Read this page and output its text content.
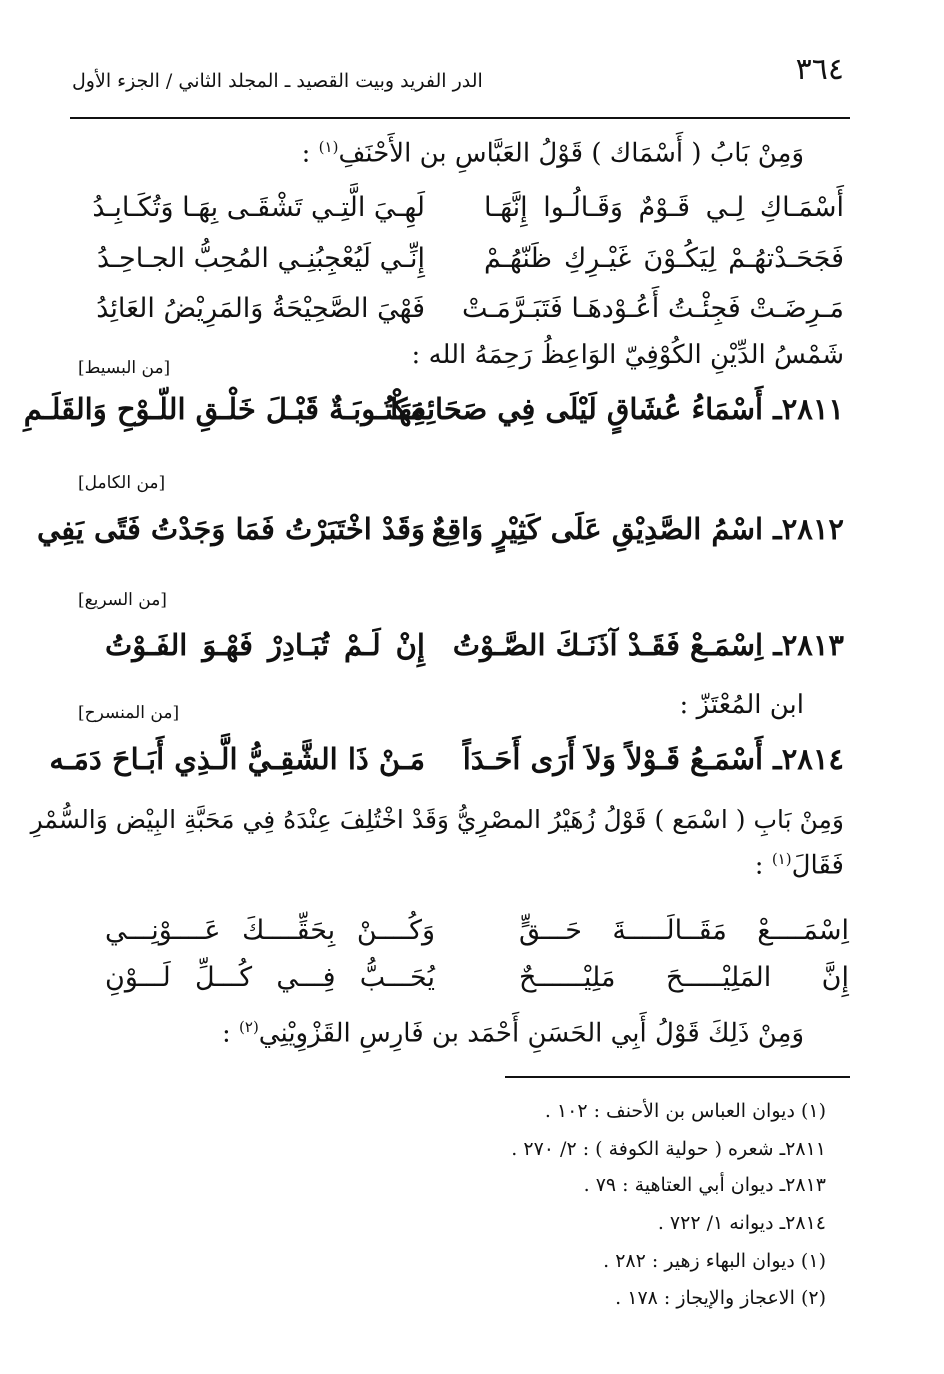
٣٦٤
الدر الفريد وبيت القصيد ـ المجلد الثاني / الجزء الأول
وَمِنْ بَابُ ( أَسْمَاك ) قَوْلُ العَبَّاسِ بن الأَحْنَفِ$^{(١)}$ :
أَسْمَـاكِ لِـي قَـوْمٌ وَقَـالُـوا إِنَّهَـا
لَهِـيَ الَّتِـي تَشْقَـى بِهَـا وَتُكَـابِـدُ
فَجَحَـدْتهُـمْ لِيَكُـوْنَ غَيْـرِكِ ظَنّهُـمْ
إِنِّـي لَيُعْجِبُنِـي المُحِبُّ الجـاحِـدُ
مَـرِضَـتْ فَجِئْـتُ أَعُـوْدهَـا فَتَبَـرَّمَـتْ
فَهْيَ الصَّحِيْحَةُ وَالمَرِيْضُ العَائِدُ
شَمْسُ الدِّيْنِ الكُوْفِيّ الوَاعِظُ رَحِمَهُ الله :
[من البسيط]
٢٨١١ـ أَسْمَاءُ عُشَاقٍ لَيْلَى فِي صَحَائِفِهَا
مَكْتُـوبَـةٌ قَبْـلَ خَلْـقِ اللّـوْحِ وَالقَلَـمِ
[من الكامل]
٢٨١٢ـ اسْمُ الصَّدِيْقِ عَلَى كَثِيْرٍ وَاقِعٌ
وَقَدْ اخْتَبَرْتُ فَمَا وَجَدْتُ فَتًى يَفِي
[من السريع]
٢٨١٣ـ اِسْمَـعْ فَقَـدْ آذَنَـكَ الصَّـوْتُ
إِنْ لَـمْ تُبَـادِرْ فَهْـوَ الفَـوْتُ
ابن المُعْتَزّ :
[من المنسرح]
٢٨١٤ـ أَسْمَـعُ قَـوْلاً وَلاَ أَرَى أَحَـدَاً
مَـنْ ذَا الشَّقِـيُّ الَّـذِي أَبَـاحَ دَمَـه
وَمِنْ بَابِ ( اسْمَع ) قَوْلُ زُهَيْرُ المصْرِيُّ وَقَدْ اخْتُلِفَ عِنْدَهُ فِي مَحَبَّةِ البِيْض وَالسُّمْرِ
فَقَالَ$^{(١)}$ :
اِسْمَــــعْ مَقَــالَـــــةَ حَـــقٍّ
وَكُــــنْ بِحَقِّــــكَ عَــــوْنِـــي
إِنَّ المَلِيْـــــحَ مَلِيْــــــحٌ
يُحَـــبُّ فِـــي كُـــلِّ لَـــوْنِ
وَمِنْ ذَلِكَ قَوْلُ أَبِي الحَسَنِ أَحْمَد بن فَارِسِ القَزْوِيْنِي$^{(٢)}$ :
(١) ديوان العباس بن الأحنف : ١٠٢ .
٢٨١١ـ شعره ( حولية الكوفة ) : ٢/ ٢٧٠ .
٢٨١٣ـ ديوان أبي العتاهية : ٧٩ .
٢٨١٤ـ ديوانه ١/ ٧٢٢ .
(١) ديوان البهاء زهير : ٢٨٢ .
(٢) الاعجاز والإيجاز : ١٧٨ .
